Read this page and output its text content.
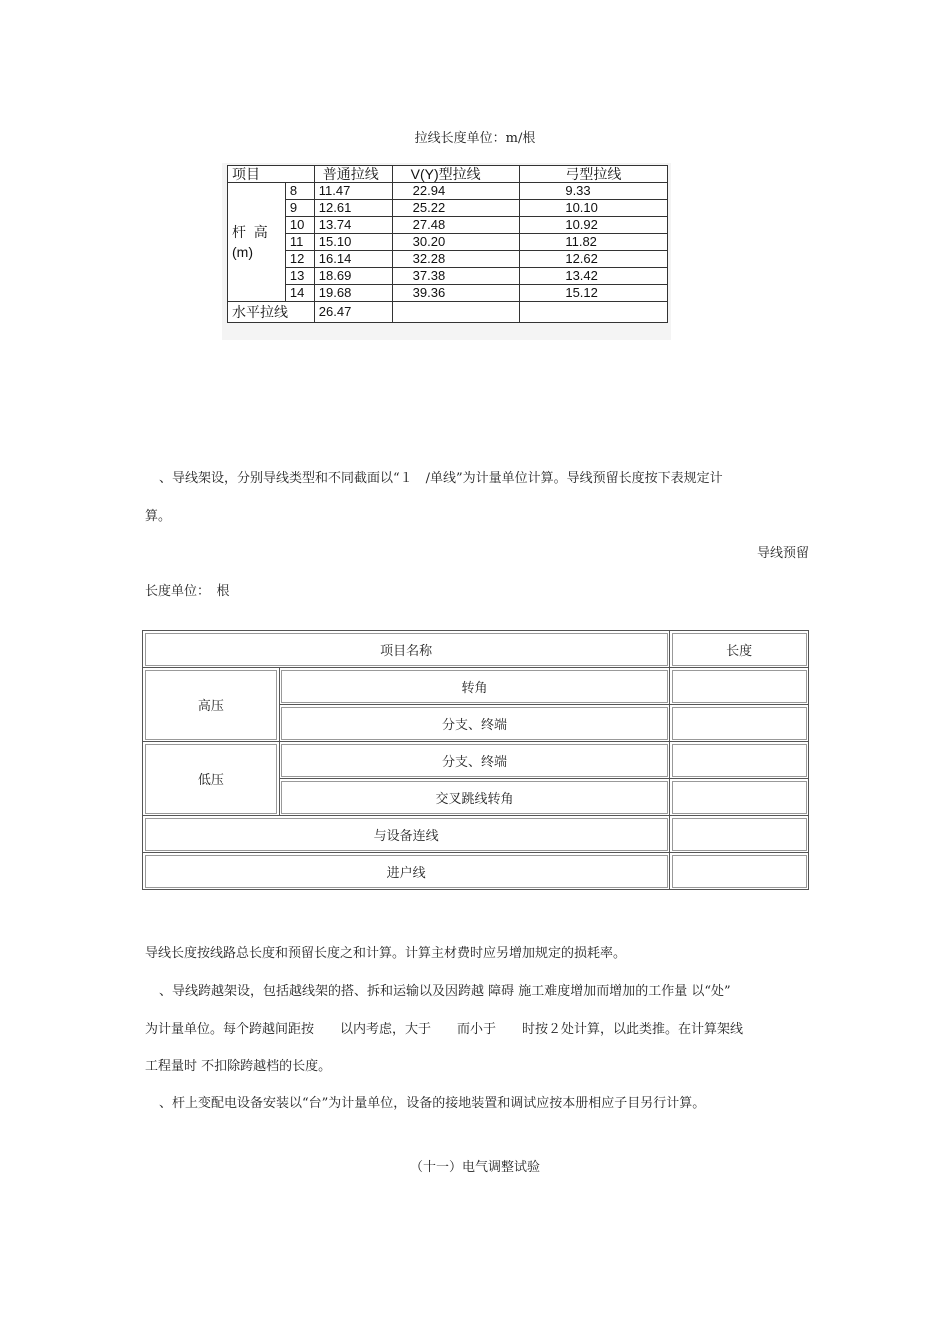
拉线长度单位：m/根
项目		普通拉线	V(Y)型拉线	弓型拉线

杆  高
(m)	8	11.47	22.94	9.33
	9	12.61	25.22	10.10
	10	13.74	27.48	10.92
	11	15.10	30.20	11.82
	12	16.14	32.28	12.62
	13	18.69	37.38	13.42
	14	19.68	39.36	15.12
水平拉线		26.47		
、导线架设，分别导线类型和不同截面以“１　/单线”为计量单位计算。导线预留长度按下表规定计
算。
导线预留
长度单位：　根
项目名称		长度
高压	转角	
	分支、终端	
低压	分支、终端	
	交叉跳线转角	
与设备连线		
进户线		
导线长度按线路总长度和预留长度之和计算。计算主材费时应另增加规定的损耗率。
、导线跨越架设，包括越线架的搭、拆和运输以及因跨越 障碍 施工难度增加而增加的工作量 以“处”
为计量单位。每个跨越间距按　　以内考虑，大于　　而小于　　时按２处计算，以此类推。在计算架线
工程量时 不扣除跨越档的长度。
、杆上变配电设备安装以“台”为计量单位，设备的接地装置和调试应按本册相应子目另行计算。
（十一）电气调整试验
